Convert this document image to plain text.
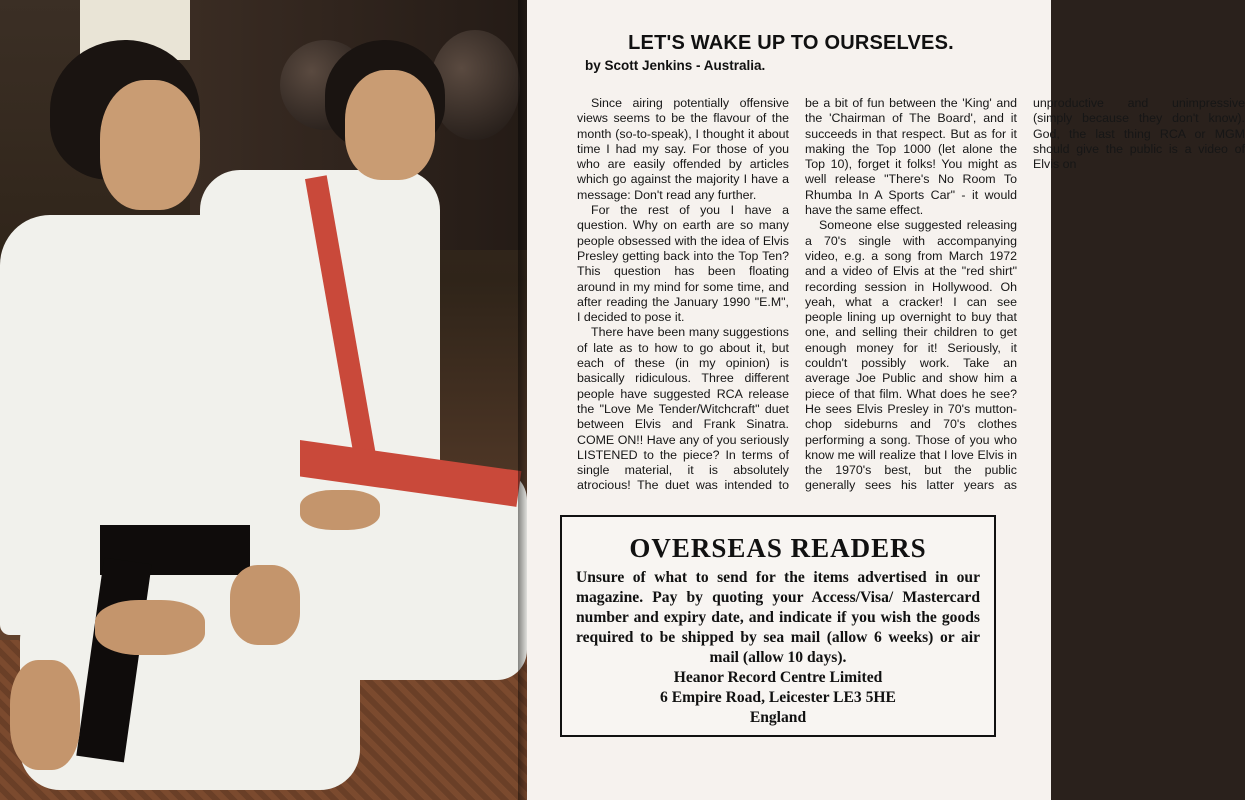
LET'S WAKE UP TO OURSELVES.
by Scott Jenkins - Australia.

Since airing potentially offensive views seems to be the flavour of the month (so-to-speak), I thought it about time I had my say. For those of you who are easily offended by articles which go against the majority I have a message: Don't read any further.

For the rest of you I have a question. Why on earth are so many people obsessed with the idea of Elvis Presley getting back into the Top Ten? This question has been floating around in my mind for some time, and after reading the January 1990 "E.M", I decided to pose it.

There have been many suggestions of late as to how to go about it, but each of these (in my opinion) is basically ridiculous. Three different people have suggested RCA release the "Love Me Tender/Witchcraft" duet between Elvis and Frank Sinatra. COME ON!! Have any of you seriously LISTENED to the piece? In terms of single material, it is absolutely atrocious! The duet was intended to be a bit of fun between the 'King' and the 'Chairman of The Board', and it succeeds in that respect. But as for it making the Top 1000 (let alone the Top 10), forget it folks! You might as well release "There's No Room To Rhumba In A Sports Car" - it would have the same effect.

Someone else suggested releasing a 70's single with accompanying video, e.g. a song from March 1972 and a video of Elvis at the "red shirt" recording session in Hollywood. Oh yeah, what a cracker! I can see people lining up overnight to buy that one, and selling their children to get enough money for it! Seriously, it couldn't possibly work. Take an average Joe Public and show him a piece of that film. What does he see? He sees Elvis Presley in 70's mutton-chop sideburns and 70's clothes performing a song. Those of you who know me will realize that I love Elvis in the 1970's best, but the public generally sees his latter years as unproductive and unimpressive (simply because they don't know). God, the last thing RCA or MGM should give the public is a video of Elvis on

OVERSEAS READERS
Unsure of what to send for the items advertised in our magazine. Pay by quoting your Access/Visa/ Mastercard number and expiry date, and indicate if you wish the goods required to be shipped by sea mail (allow 6 weeks) or air mail (allow 10 days).
Heanor Record Centre Limited
6 Empire Road, Leicester LE3 5HE
England
